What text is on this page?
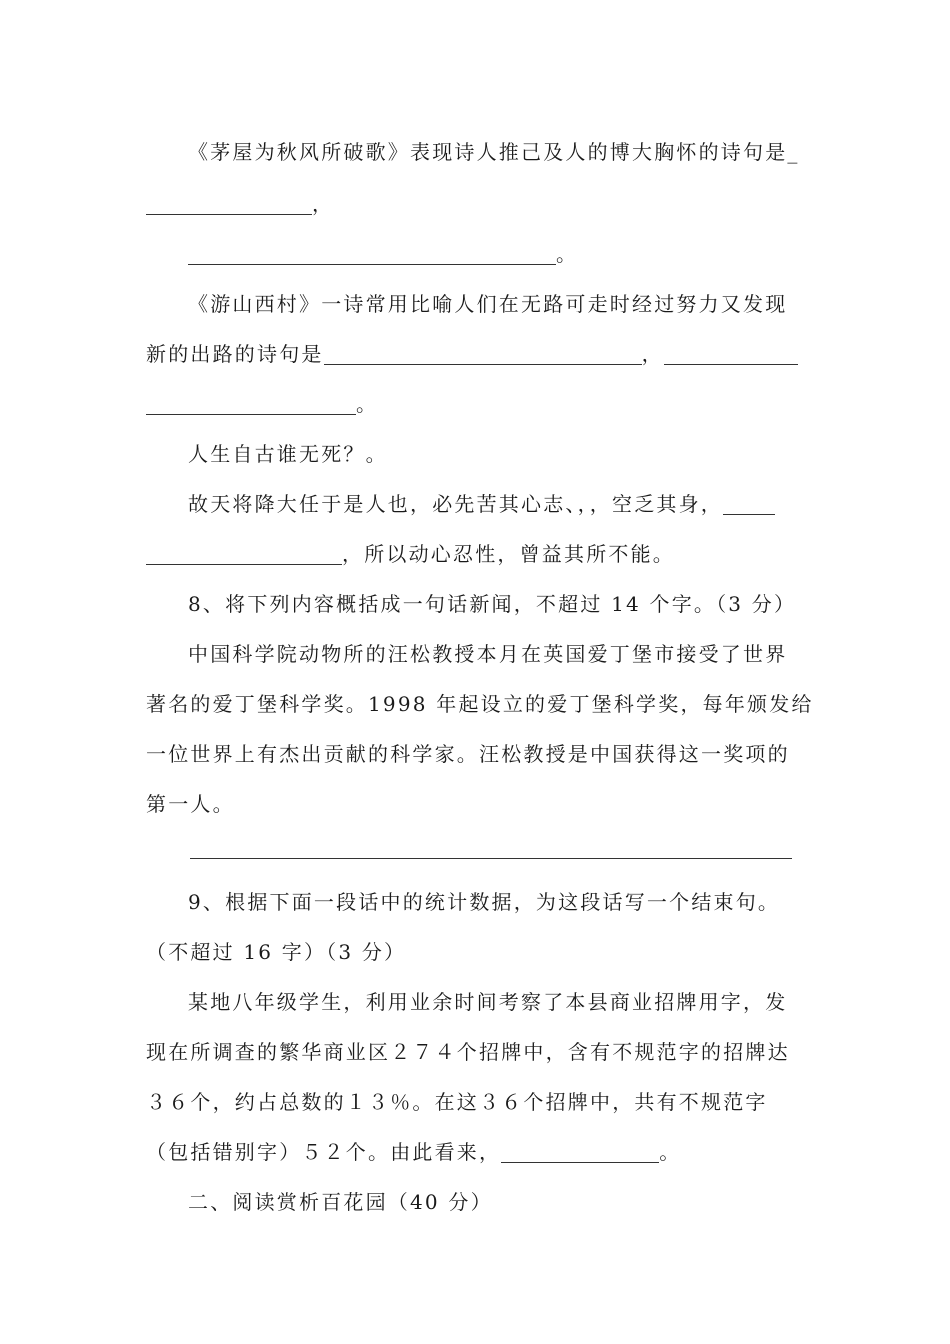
《茅屋为秋风所破歌》表现诗人推己及人的博大胸怀的诗句是_
，
。
《游山西村》一诗常用比喻人们在无路可走时经过努力又发现
新的出路的诗句是	，
。
人生自古谁无死？。
故天将降大任于是人也，必先苦其心志、，，空乏其身，
，所以动心忍性，曾益其所不能。
8、将下列内容概括成一句话新闻，不超过 14 个字。（3 分）
中国科学院动物所的汪松教授本月在英国爱丁堡市接受了世界
著名的爱丁堡科学奖。1998 年起设立的爱丁堡科学奖，每年颁发给
一位世界上有杰出贡献的科学家。汪松教授是中国获得这一奖项的
第一人。
9、根据下面一段话中的统计数据，为这段话写一个结束句。
（不超过 16 字）（3 分）
某地八年级学生，利用业余时间考察了本县商业招牌用字，发
现在所调查的繁华商业区２７４个招牌中，含有不规范字的招牌达
３６个，约占总数的１３％。在这３６个招牌中，共有不规范字
（包括错别字）５２个。由此看来，	。
二、阅读赏析百花园（40 分）
